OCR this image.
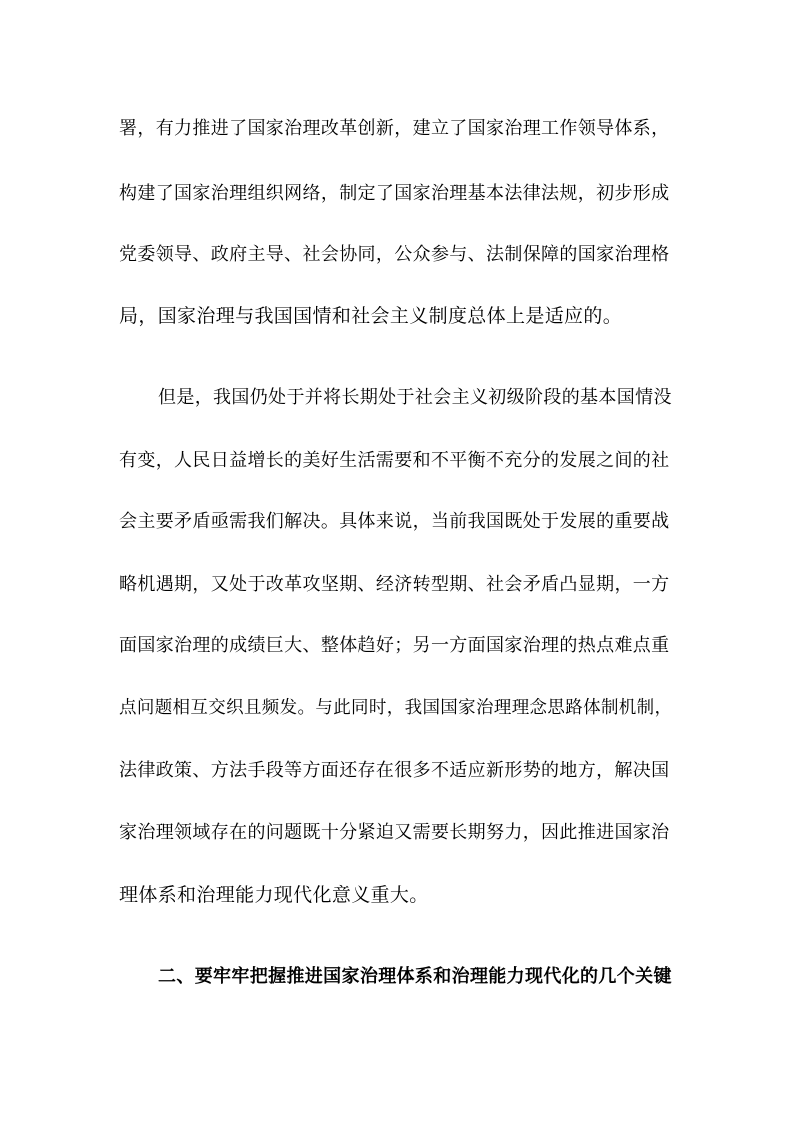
署，有力推进了国家治理改革创新，建立了国家治理工作领导体系，
构建了国家治理组织网络，制定了国家治理基本法律法规，初步形成
党委领导、政府主导、社会协同，公众参与、法制保障的国家治理格
局，国家治理与我国国情和社会主义制度总体上是适应的。
但是，我国仍处于并将长期处于社会主义初级阶段的基本国情没
有变，人民日益增长的美好生活需要和不平衡不充分的发展之间的社
会主要矛盾亟需我们解决。具体来说，当前我国既处于发展的重要战
略机遇期，又处于改革攻坚期、经济转型期、社会矛盾凸显期，一方
面国家治理的成绩巨大、整体趋好；另一方面国家治理的热点难点重
点问题相互交织且频发。与此同时，我国国家治理理念思路体制机制，
法律政策、方法手段等方面还存在很多不适应新形势的地方，解决国
家治理领域存在的问题既十分紧迫又需要长期努力，因此推进国家治
理体系和治理能力现代化意义重大。
二、要牢牢把握推进国家治理体系和治理能力现代化的几个关键
